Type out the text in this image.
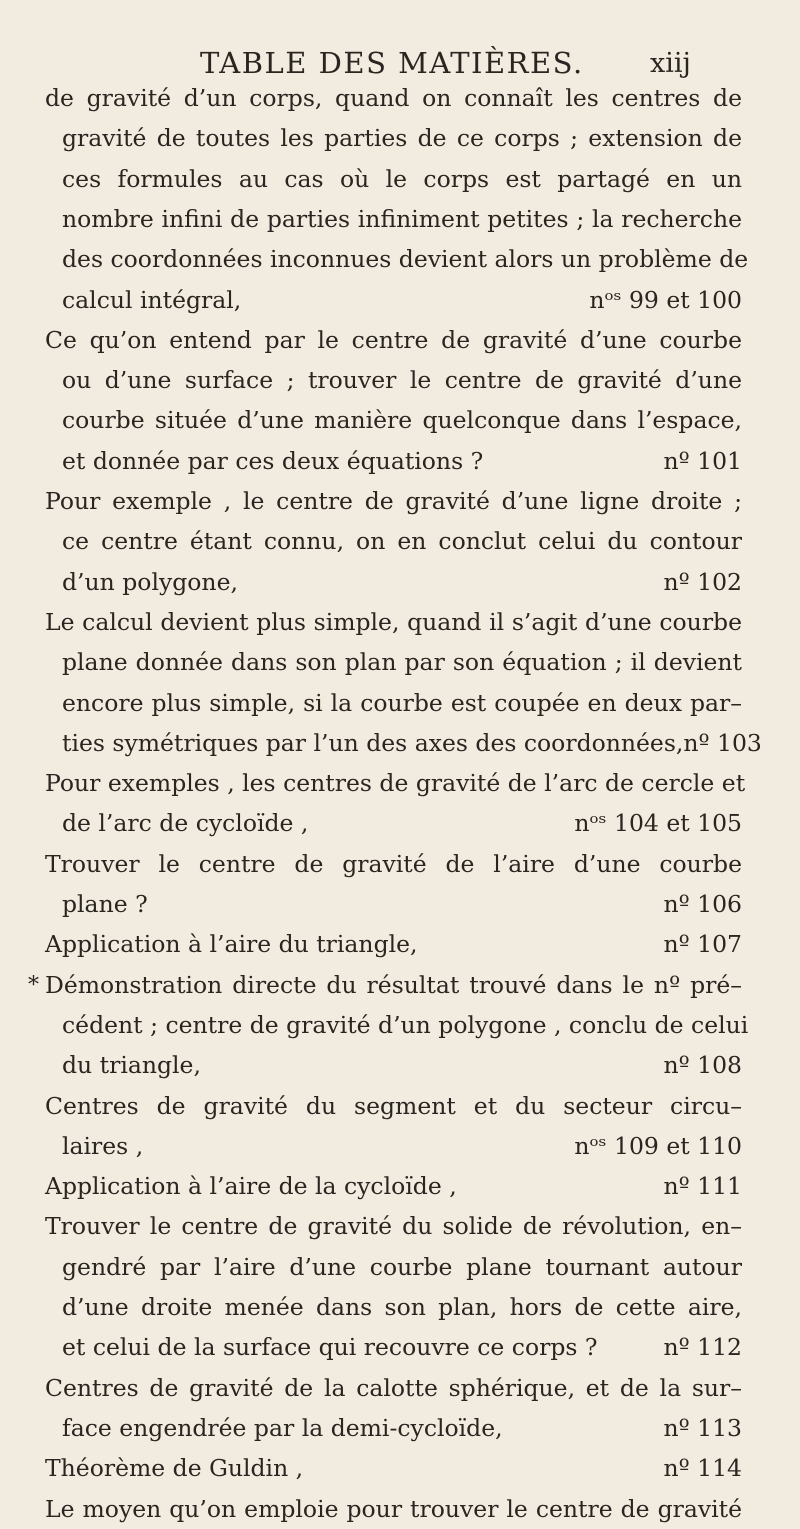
TABLE DES MATIÈRES. xiij
de gravité d’un corps, quand on connaît les centres de
gravité de toutes les parties de ce corps ; extension de
ces formules au cas où le corps est partagé en un
nombre infini de parties infiniment petites ; la recherche
des coordonnées inconnues devient alors un problème de
calcul intégral,	nᵒˢ 99 et 100
Ce qu’on entend par le centre de gravité d’une courbe
ou d’une surface ; trouver le centre de gravité d’une
courbe située d’une manière quelconque dans l’espace,
et donnée par ces deux équations ?	nº 101
Pour exemple , le centre de gravité d’une ligne droite ;
ce centre étant connu, on en conclut celui du contour
d’un polygone,	nº 102
Le calcul devient plus simple, quand il s’agit d’une courbe
plane donnée dans son plan par son équation ; il devient
encore plus simple, si la courbe est coupée en deux par–
ties symétriques par l’un des axes des coordonnées, nº 103
Pour exemples , les centres de gravité de l’arc de cercle et
de l’arc de cycloïde ,	nᵒˢ 104 et 105
Trouver le centre de gravité de l’aire d’une courbe
plane ?	nº 106
Application à l’aire du triangle,	nº 107
* Démonstration directe du résultat trouvé dans le nº pré–
cédent ; centre de gravité d’un polygone , conclu de celui
du triangle,	nº 108
Centres de gravité du segment et du secteur circu–
laires ,	nᵒˢ 109 et 110
Application à l’aire de la cycloïde ,	nº 111
Trouver le centre de gravité du solide de révolution, en–
gendré par l’aire d’une courbe plane tournant autour
d’une droite menée dans son plan, hors de cette aire,
et celui de la surface qui recouvre ce corps ?	nº 112
Centres de gravité de la calotte sphérique, et de la sur–
face engendrée par la demi-cycloïde,	nº 113
Théorème de Guldin ,	nº 114
Le moyen qu’on emploie pour trouver le centre de gravité
